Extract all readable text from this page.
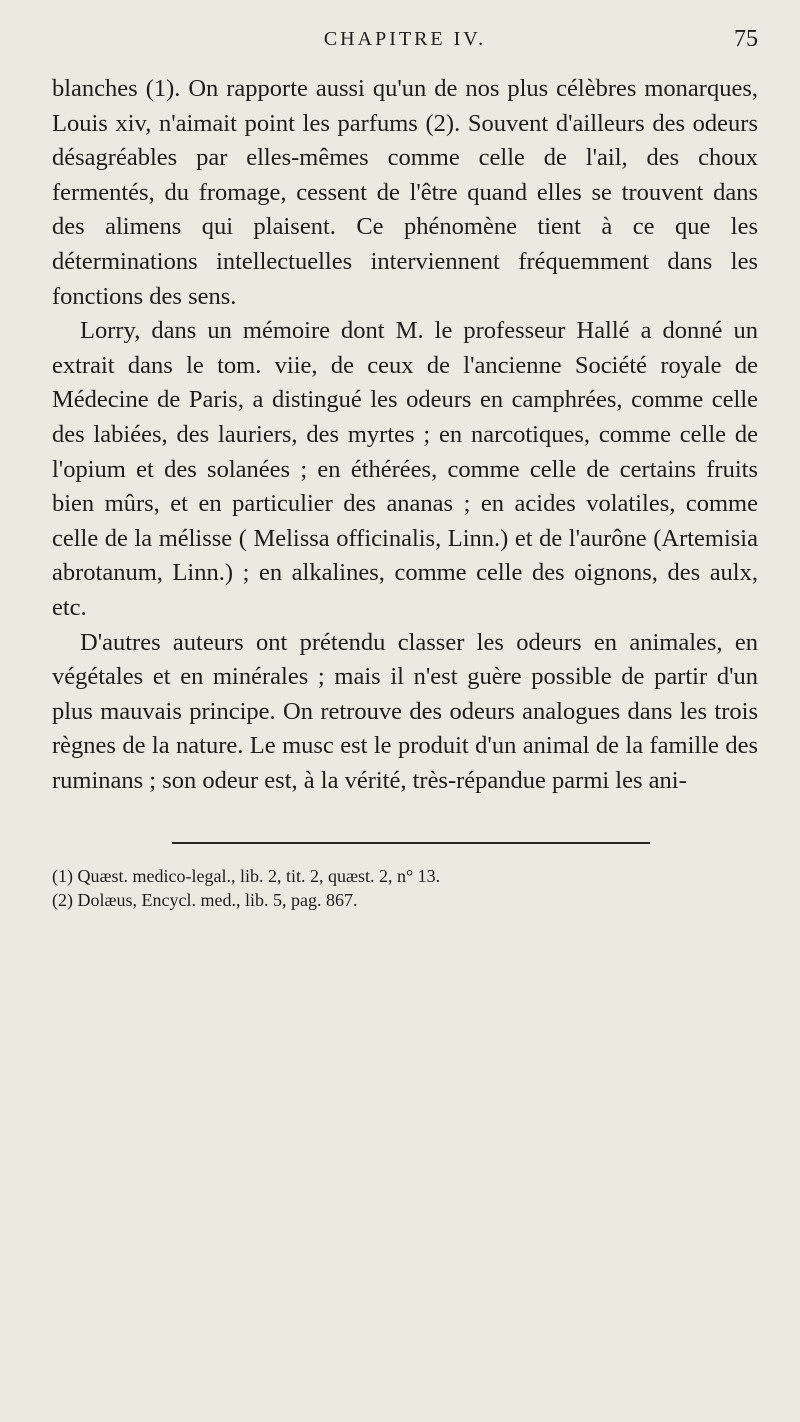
CHAPITRE IV.	75

blanches (1). On rapporte aussi qu'un de nos plus célèbres monarques, Louis xiv, n'aimait point les parfums (2). Souvent d'ailleurs des odeurs désagréables par elles-mêmes comme celle de l'ail, des choux fermentés, du fromage, cessent de l'être quand elles se trouvent dans des alimens qui plaisent. Ce phénomène tient à ce que les déterminations intellectuelles interviennent fréquemment dans les fonctions des sens.

Lorry, dans un mémoire dont M. le professeur Hallé a donné un extrait dans le tom. viie, de ceux de l'ancienne Société royale de Médecine de Paris, a distingué les odeurs en camphrées, comme celle des labiées, des lauriers, des myrtes ; en narcotiques, comme celle de l'opium et des solanées ; en éthérées, comme celle de certains fruits bien mûrs, et en particulier des ananas ; en acides volatiles, comme celle de la mélisse ( Melissa officinalis, Linn.) et de l'aurône (Artemisia abrotanum, Linn.) ; en alkalines, comme celle des oignons, des aulx, etc.

D'autres auteurs ont prétendu classer les odeurs en animales, en végétales et en minérales ; mais il n'est guère possible de partir d'un plus mauvais principe. On retrouve des odeurs analogues dans les trois règnes de la nature. Le musc est le produit d'un animal de la famille des ruminans ; son odeur est, à la vérité, très-répandue parmi les ani-

(1) Quæst. medico-legal., lib. 2, tit. 2, quæst. 2, n° 13.
(2) Dolæus, Encycl. med., lib. 5, pag. 867.
